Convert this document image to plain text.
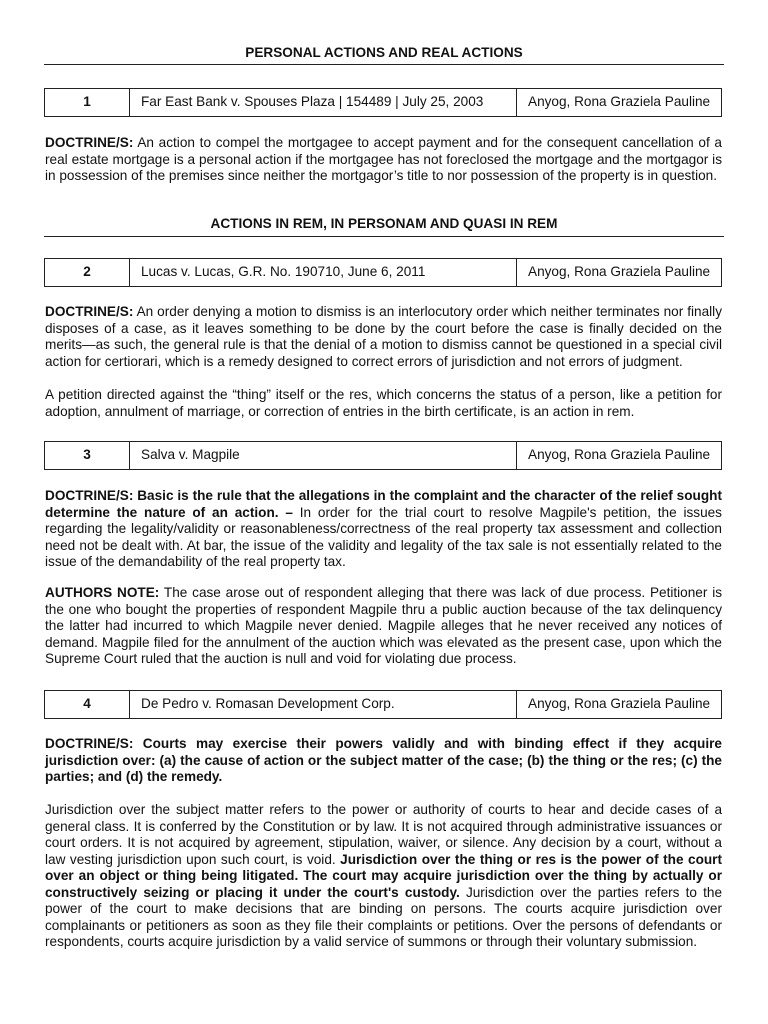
PERSONAL ACTIONS AND REAL ACTIONS
1	Far East Bank v. Spouses Plaza | 154489 | July 25, 2003	Anyog, Rona Graziela Pauline

DOCTRINE/S: An action to compel the mortgagee to accept payment and for the consequent cancellation of a real estate mortgage is a personal action if the mortgagee has not foreclosed the mortgage and the mortgagor is in possession of the premises since neither the mortgagor’s title to nor possession of the property is in question.

ACTIONS IN REM, IN PERSONAM AND QUASI IN REM
2	Lucas v. Lucas, G.R. No. 190710, June 6, 2011	Anyog, Rona Graziela Pauline

DOCTRINE/S: An order denying a motion to dismiss is an interlocutory order which neither terminates nor finally disposes of a case, as it leaves something to be done by the court before the case is finally decided on the merits—as such, the general rule is that the denial of a motion to dismiss cannot be questioned in a special civil action for certiorari, which is a remedy designed to correct errors of jurisdiction and not errors of judgment.

A petition directed against the “thing” itself or the res, which concerns the status of a person, like a petition for adoption, annulment of marriage, or correction of entries in the birth certificate, is an action in rem.

3	Salva v. Magpile	Anyog, Rona Graziela Pauline

DOCTRINE/S: Basic is the rule that the allegations in the complaint and the character of the relief sought determine the nature of an action. – In order for the trial court to resolve Magpile's petition, the issues regarding the legality/validity or reasonableness/correctness of the real property tax assessment and collection need not be dealt with. At bar, the issue of the validity and legality of the tax sale is not essentially related to the issue of the demandability of the real property tax.

AUTHORS NOTE: The case arose out of respondent alleging that there was lack of due process. Petitioner is the one who bought the properties of respondent Magpile thru a public auction because of the tax delinquency the latter had incurred to which Magpile never denied. Magpile alleges that he never received any notices of demand. Magpile filed for the annulment of the auction which was elevated as the present case, upon which the Supreme Court ruled that the auction is null and void for violating due process.

4	De Pedro v. Romasan Development Corp.	Anyog, Rona Graziela Pauline

DOCTRINE/S: Courts may exercise their powers validly and with binding effect if they acquire jurisdiction over: (a) the cause of action or the subject matter of the case; (b) the thing or the res; (c) the parties; and (d) the remedy.

Jurisdiction over the subject matter refers to the power or authority of courts to hear and decide cases of a general class. It is conferred by the Constitution or by law. It is not acquired through administrative issuances or court orders. It is not acquired by agreement, stipulation, waiver, or silence. Any decision by a court, without a law vesting jurisdiction upon such court, is void. Jurisdiction over the thing or res is the power of the court over an object or thing being litigated. The court may acquire jurisdiction over the thing by actually or constructively seizing or placing it under the court's custody. Jurisdiction over the parties refers to the power of the court to make decisions that are binding on persons. The courts acquire jurisdiction over complainants or petitioners as soon as they file their complaints or petitions. Over the persons of defendants or respondents, courts acquire jurisdiction by a valid service of summons or through their voluntary submission.
